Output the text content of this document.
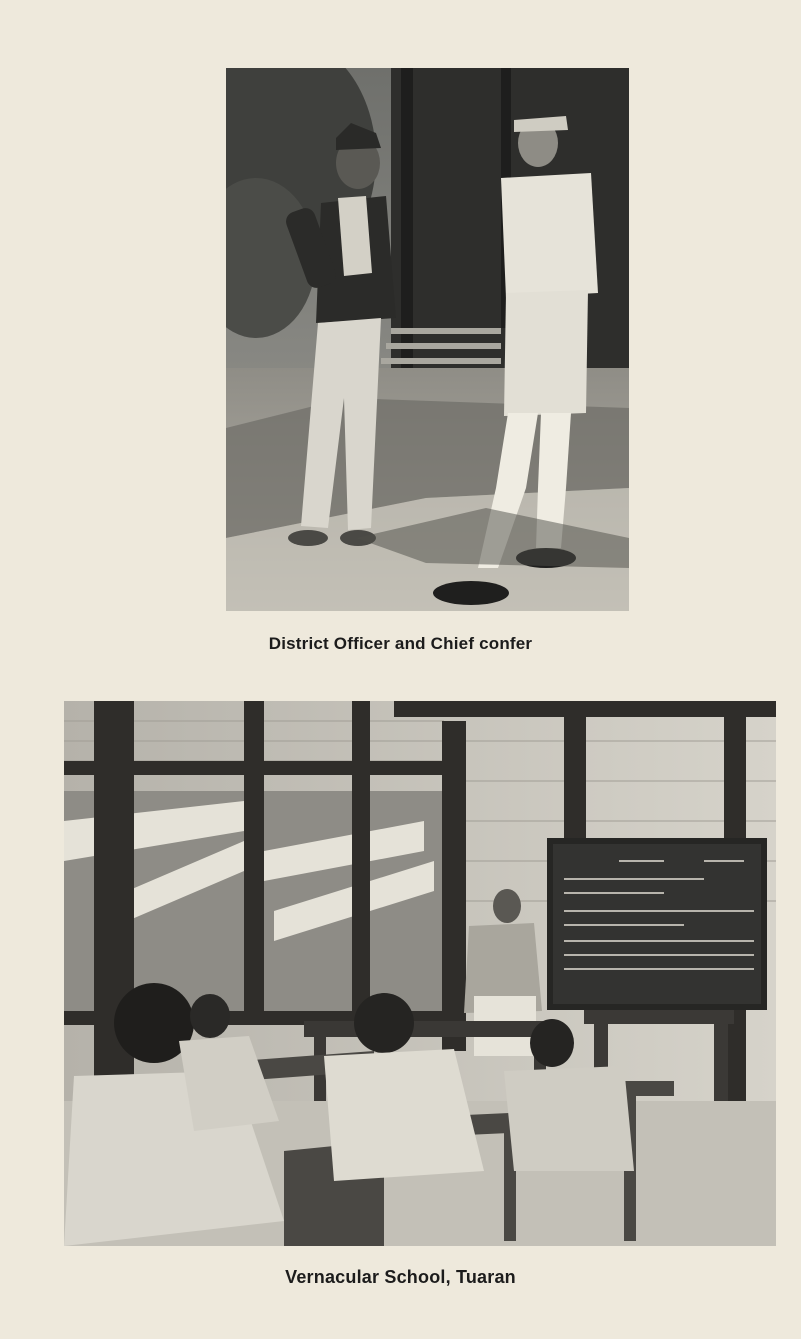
District Officer and Chief confer
Vernacular School, Tuaran
